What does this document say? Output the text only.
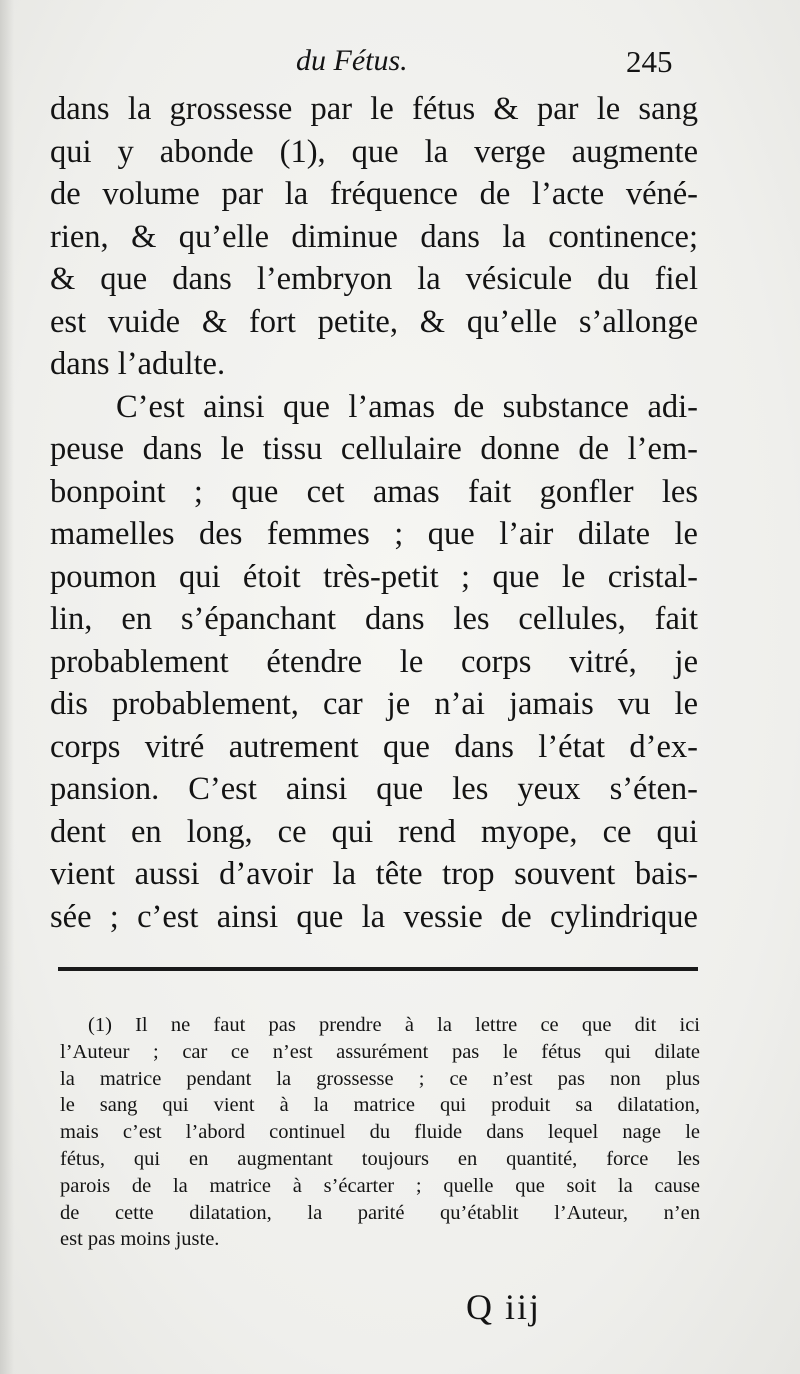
du Fétus.	245
dans la grossesse par le fétus & par le sang
qui y abonde (1), que la verge augmente
de volume par la fréquence de l’acte véné-
rien, & qu’elle diminue dans la continence;
& que dans l’embryon la vésicule du fiel
est vuide & fort petite, & qu’elle s’allonge
dans l’adulte.
C’est ainsi que l’amas de substance adi-
peuse dans le tissu cellulaire donne de l’em-
bonpoint ; que cet amas fait gonfler les
mamelles des femmes ; que l’air dilate le
poumon qui étoit très-petit ; que le cristal-
lin, en s’épanchant dans les cellules, fait
probablement étendre le corps vitré, je
dis probablement, car je n’ai jamais vu le
corps vitré autrement que dans l’état d’ex-
pansion. C’est ainsi que les yeux s’éten-
dent en long, ce qui rend myope, ce qui
vient aussi d’avoir la tête trop souvent bais-
sée ; c’est ainsi que la vessie de cylindrique
(1) Il ne faut pas prendre à la lettre ce que dit ici
l’Auteur ; car ce n’est assurément pas le fétus qui dilate
la matrice pendant la grossesse ; ce n’est pas non plus
le sang qui vient à la matrice qui produit sa dilatation,
mais c’est l’abord continuel du fluide dans lequel nage le
fétus, qui en augmentant toujours en quantité, force les
parois de la matrice à s’écarter ; quelle que soit la cause
de cette dilatation, la parité qu’établit l’Auteur, n’en
est pas moins juste.
Q iij
